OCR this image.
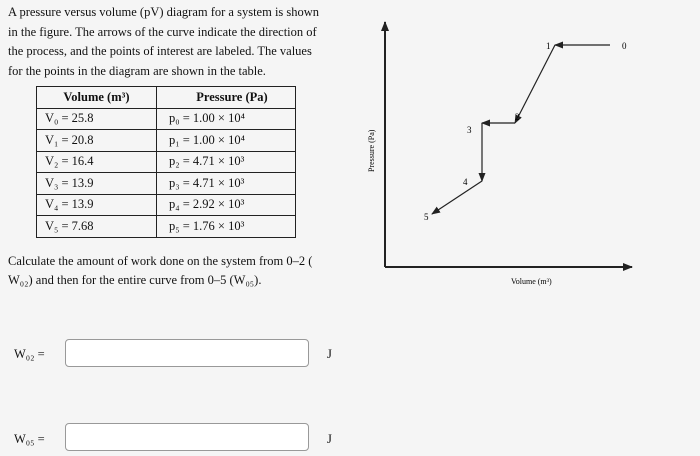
A pressure versus volume (pV) diagram for a system is shown
in the figure. The arrows of the curve indicate the direction of
the process, and the points of interest are labeled. The values
for the points in the diagram are shown in the table.
Volume (m³)	Pressure (Pa)
V₀ = 25.8	p₀ = 1.00 × 10⁴
V₁ = 20.8	p₁ = 1.00 × 10⁴
V₂ = 16.4	p₂ = 4.71 × 10³
V₃ = 13.9	p₃ = 4.71 × 10³
V₄ = 13.9	p₄ = 2.92 × 10³
V₅ = 7.68	p₅ = 1.76 × 10³
Calculate the amount of work done on the system from 0–2 (
W₀₂) and then for the entire curve from 0–5 (W₀₅).
W₀₂ =	J
W₀₅ =	J
0
1
2
3
4
5
Volume (m³)
Pressure (Pa)
